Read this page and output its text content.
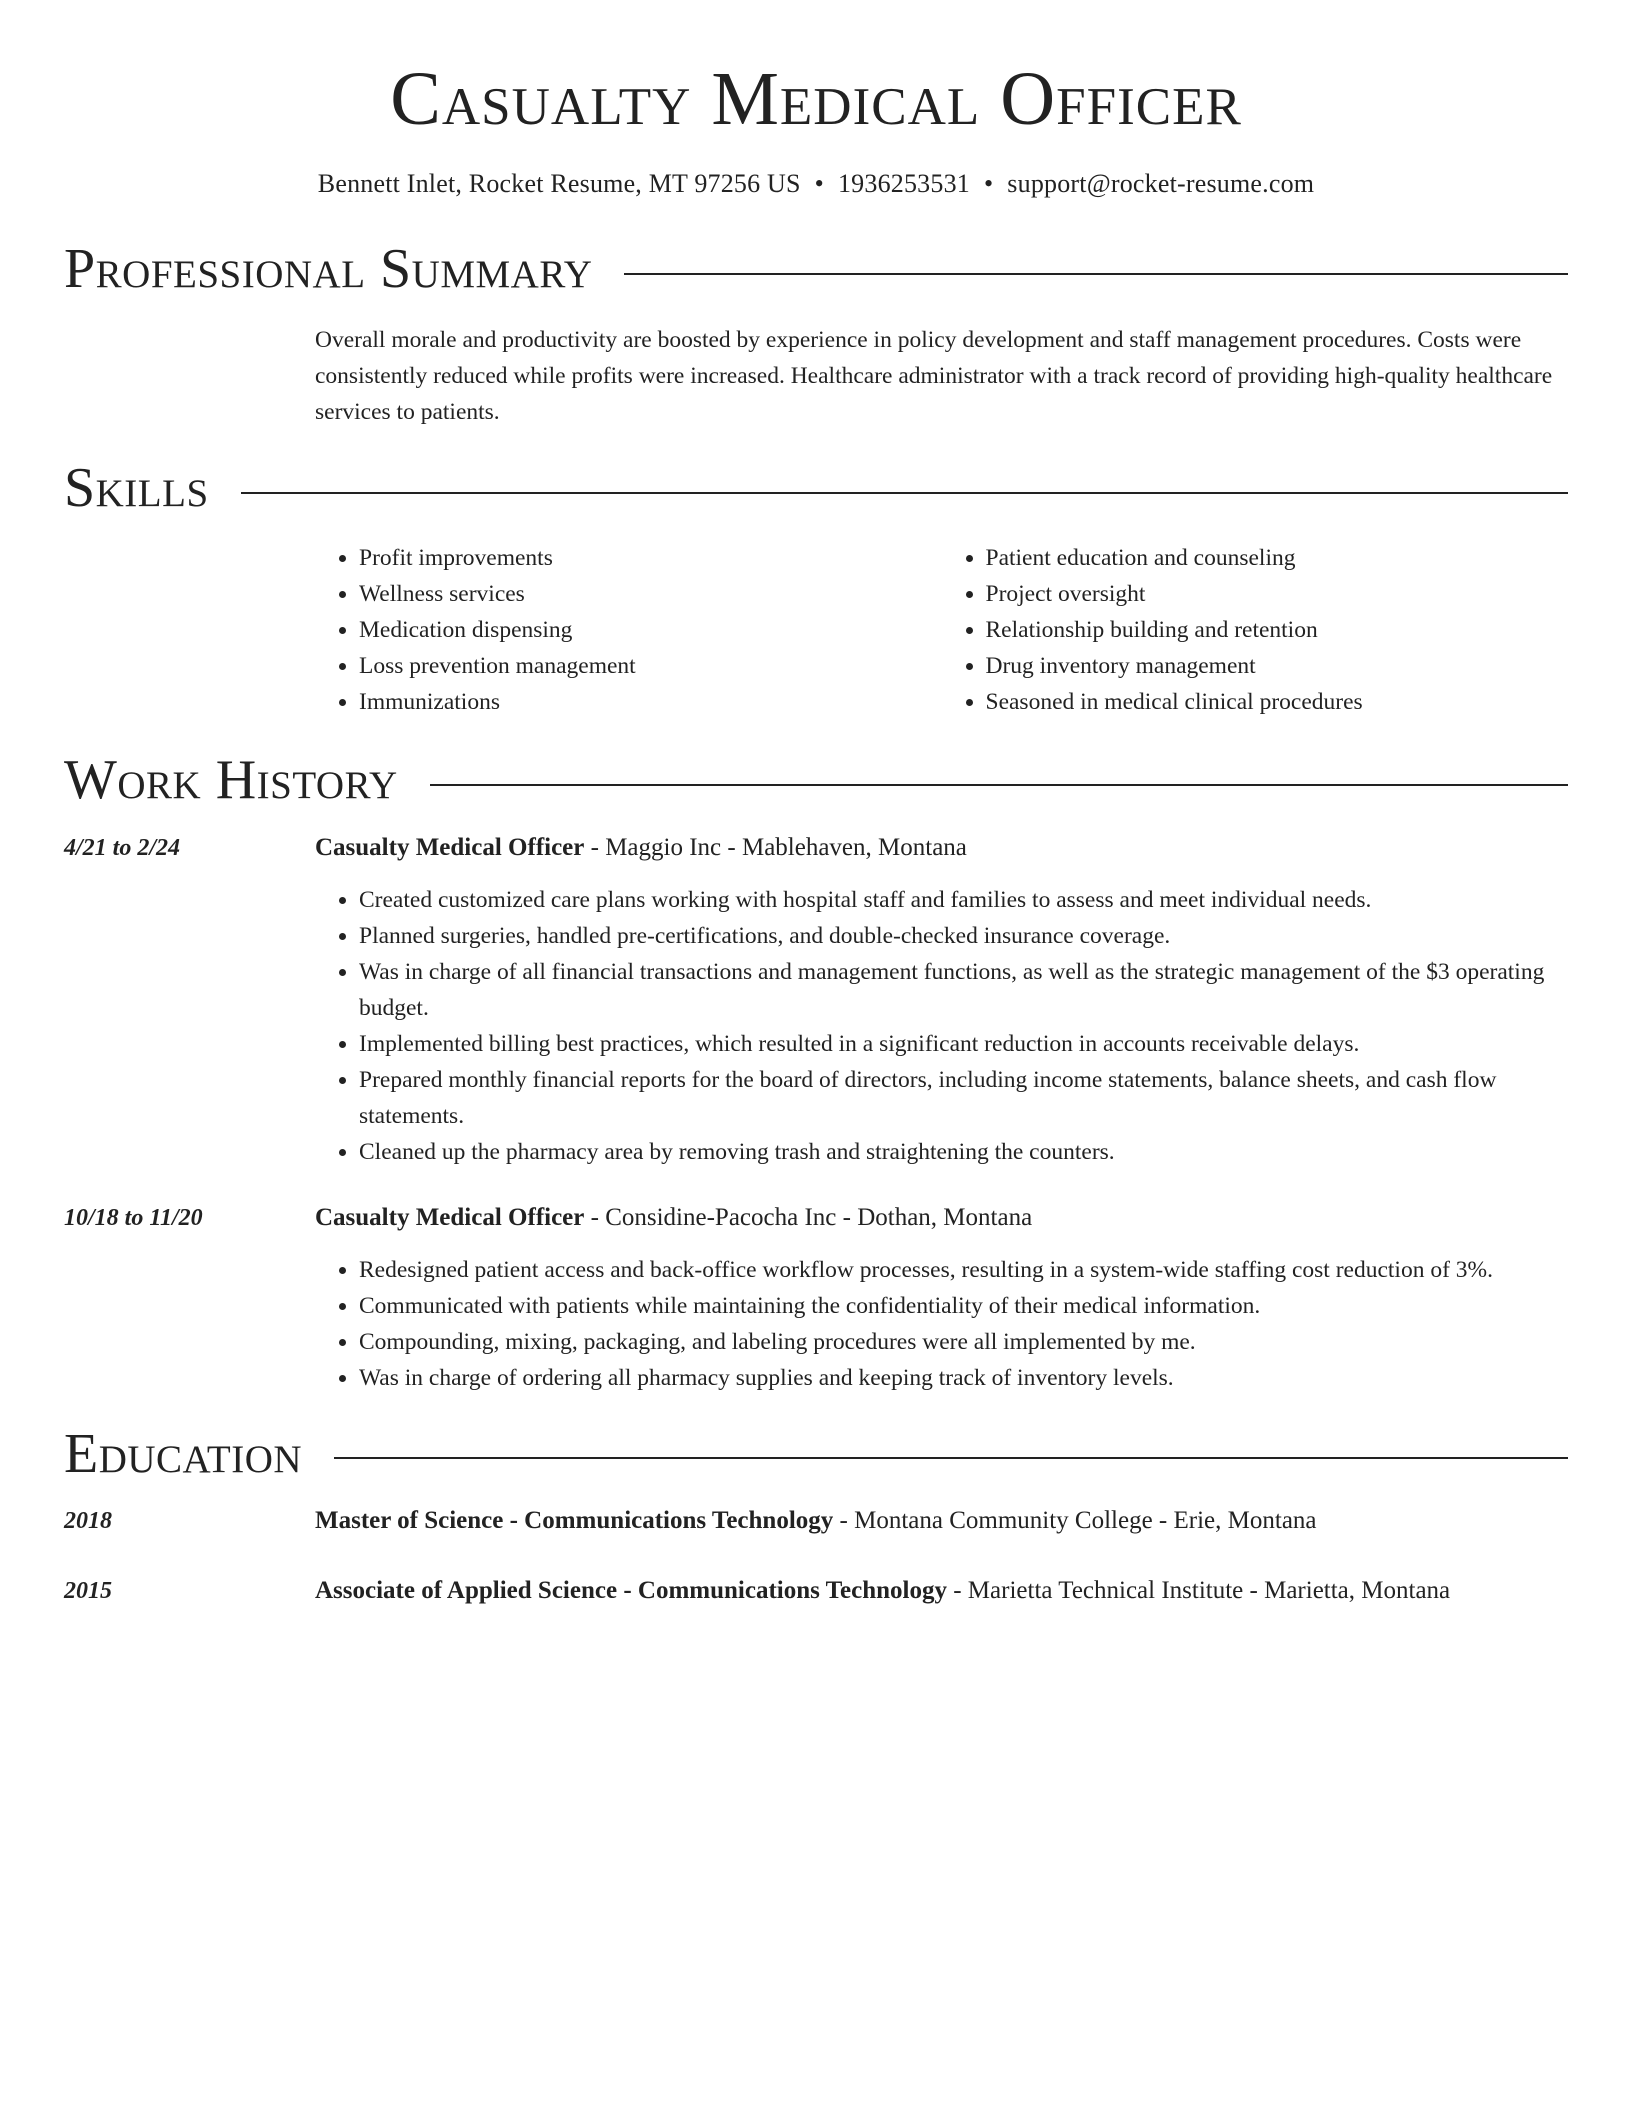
Casualty Medical Officer
Bennett Inlet, Rocket Resume, MT 97256 US • 1936253531 • support@rocket-resume.com
Professional Summary

Overall morale and productivity are boosted by experience in policy development and staff management procedures. Costs were consistently reduced while profits were increased. Healthcare administrator with a track record of providing high-quality healthcare services to patients.

Skills
• Profit improvements
• Wellness services
• Medication dispensing
• Loss prevention management
• Immunizations
• Patient education and counseling
• Project oversight
• Relationship building and retention
• Drug inventory management
• Seasoned in medical clinical procedures
Work History
4/21 to 2/24	Casualty Medical Officer - Maggio Inc - Mablehaven, Montana
• Created customized care plans working with hospital staff and families to assess and meet individual needs.
• Planned surgeries, handled pre-certifications, and double-checked insurance coverage.
• Was in charge of all financial transactions and management functions, as well as the strategic management of the $3 operating budget.
• Implemented billing best practices, which resulted in a significant reduction in accounts receivable delays.
• Prepared monthly financial reports for the board of directors, including income statements, balance sheets, and cash flow statements.
• Cleaned up the pharmacy area by removing trash and straightening the counters.
10/18 to 11/20	Casualty Medical Officer - Considine-Pacocha Inc - Dothan, Montana
• Redesigned patient access and back-office workflow processes, resulting in a system-wide staffing cost reduction of 3%.
• Communicated with patients while maintaining the confidentiality of their medical information.
• Compounding, mixing, packaging, and labeling procedures were all implemented by me.
• Was in charge of ordering all pharmacy supplies and keeping track of inventory levels.
Education
2018	Master of Science - Communications Technology - Montana Community College - Erie, Montana
2015	Associate of Applied Science - Communications Technology - Marietta Technical Institute - Marietta, Montana
